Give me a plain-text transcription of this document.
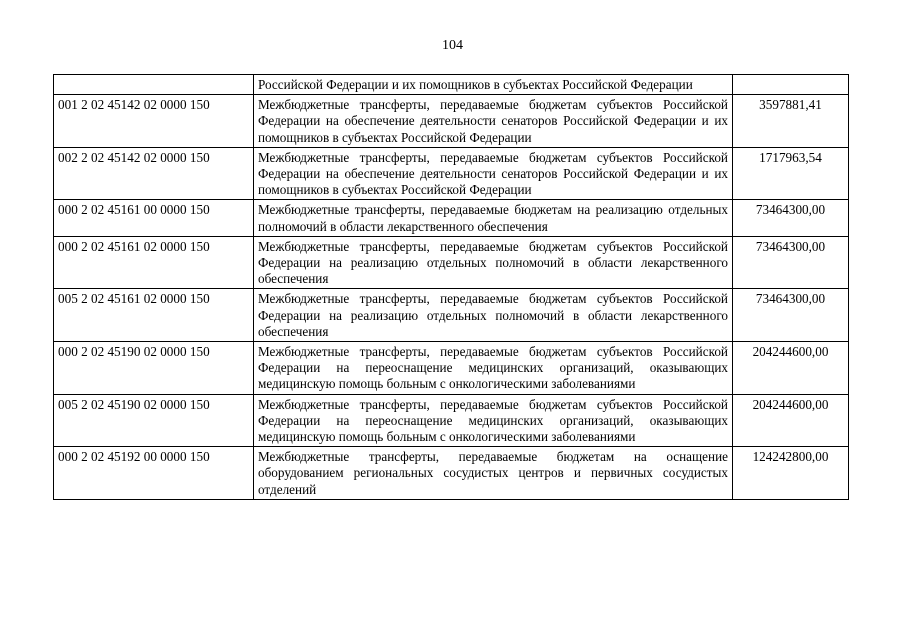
104
	Российской Федерации и их помощников в субъектах Российской Федерации	
001 2 02 45142 02 0000 150	Межбюджетные трансферты, передаваемые бюджетам субъектов Российской Федерации на обеспечение деятельности сенаторов Российской Федерации и их помощников в субъектах Российской Федерации	3597881,41
002 2 02 45142 02 0000 150	Межбюджетные трансферты, передаваемые бюджетам субъектов Российской Федерации на обеспечение деятельности сенаторов Российской Федерации и их помощников в субъектах Российской Федерации	1717963,54
000 2 02 45161 00 0000 150	Межбюджетные трансферты, передаваемые бюджетам на реализацию отдельных полномочий в области лекарственного обеспечения	73464300,00
000 2 02 45161 02 0000 150	Межбюджетные трансферты, передаваемые бюджетам субъектов Российской Федерации на реализацию отдельных полномочий в области лекарственного обеспечения	73464300,00
005 2 02 45161 02 0000 150	Межбюджетные трансферты, передаваемые бюджетам субъектов Российской Федерации на реализацию отдельных полномочий в области лекарственного обеспечения	73464300,00
000 2 02 45190 02 0000 150	Межбюджетные трансферты, передаваемые бюджетам субъектов Российской Федерации на переоснащение медицинских организаций, оказывающих медицинскую помощь больным с онкологическими заболеваниями	204244600,00
005 2 02 45190 02 0000 150	Межбюджетные трансферты, передаваемые бюджетам субъектов Российской Федерации на переоснащение медицинских организаций, оказывающих медицинскую помощь больным с онкологическими заболеваниями	204244600,00
000 2 02 45192 00 0000 150	Межбюджетные трансферты, передаваемые бюджетам на оснащение оборудованием региональных сосудистых центров и первичных сосудистых отделений	124242800,00
